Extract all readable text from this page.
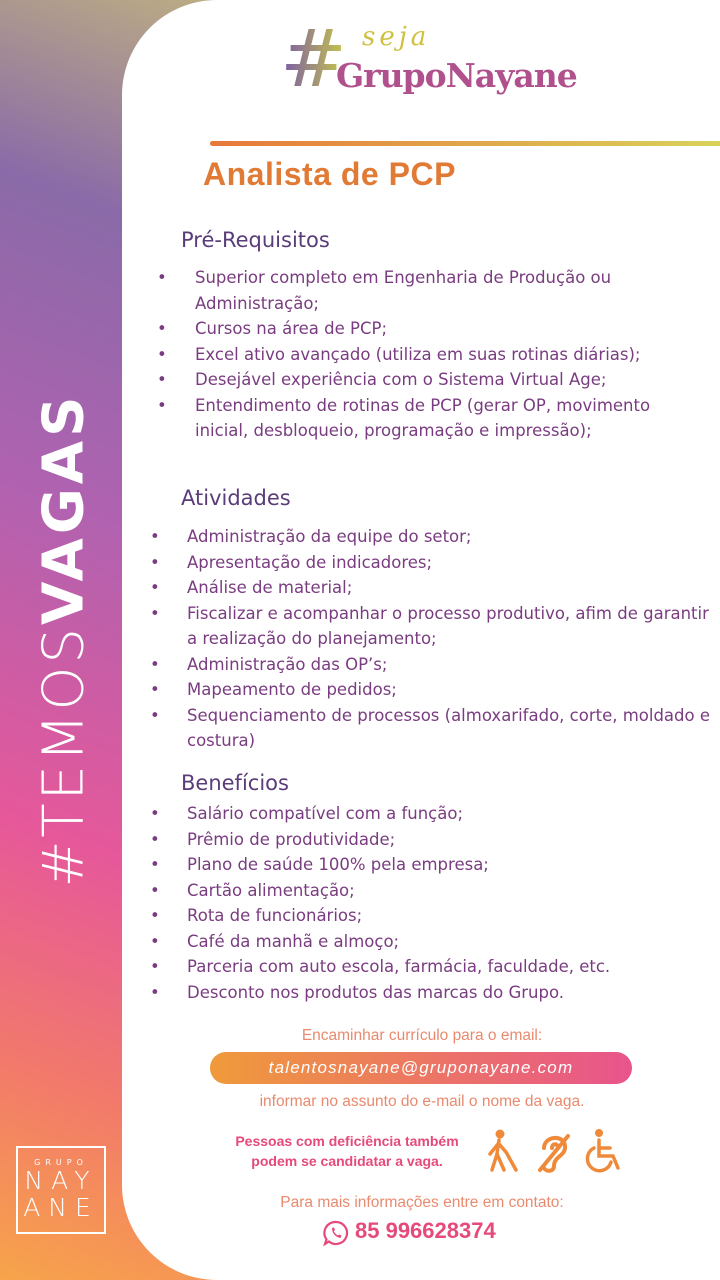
#TEMOSVAGAS
GRUPO
NAY
ANE
# seja
GrupoNayane
Analista de PCP
Pré-Requisitos
• Superior completo em Engenharia de Produção ou Administração;
• Cursos na área de PCP;
• Excel ativo avançado (utiliza em suas rotinas diárias);
• Desejável experiência com o Sistema Virtual Age;
• Entendimento de rotinas de PCP (gerar OP, movimento inicial, desbloqueio, programação e impressão);
Atividades
• Administração da equipe do setor;
• Apresentação de indicadores;
• Análise de material;
• Fiscalizar e acompanhar o processo produtivo, afim de garantir a realização do planejamento;
• Administração das OP’s;
• Mapeamento de pedidos;
• Sequenciamento de processos (almoxarifado, corte, moldado e costura)
Benefícios
• Salário compatível com a função;
• Prêmio de produtividade;
• Plano de saúde 100% pela empresa;
• Cartão alimentação;
• Rota de funcionários;
• Café da manhã e almoço;
• Parceria com auto escola, farmácia, faculdade, etc.
• Desconto nos produtos das marcas do Grupo.
Encaminhar currículo para o email:
talentosnayane@gruponayane.com
informar no assunto do e-mail o nome da vaga.
Pessoas com deficiência também podem se candidatar a vaga.
Para mais informações entre em contato:
85 996628374
